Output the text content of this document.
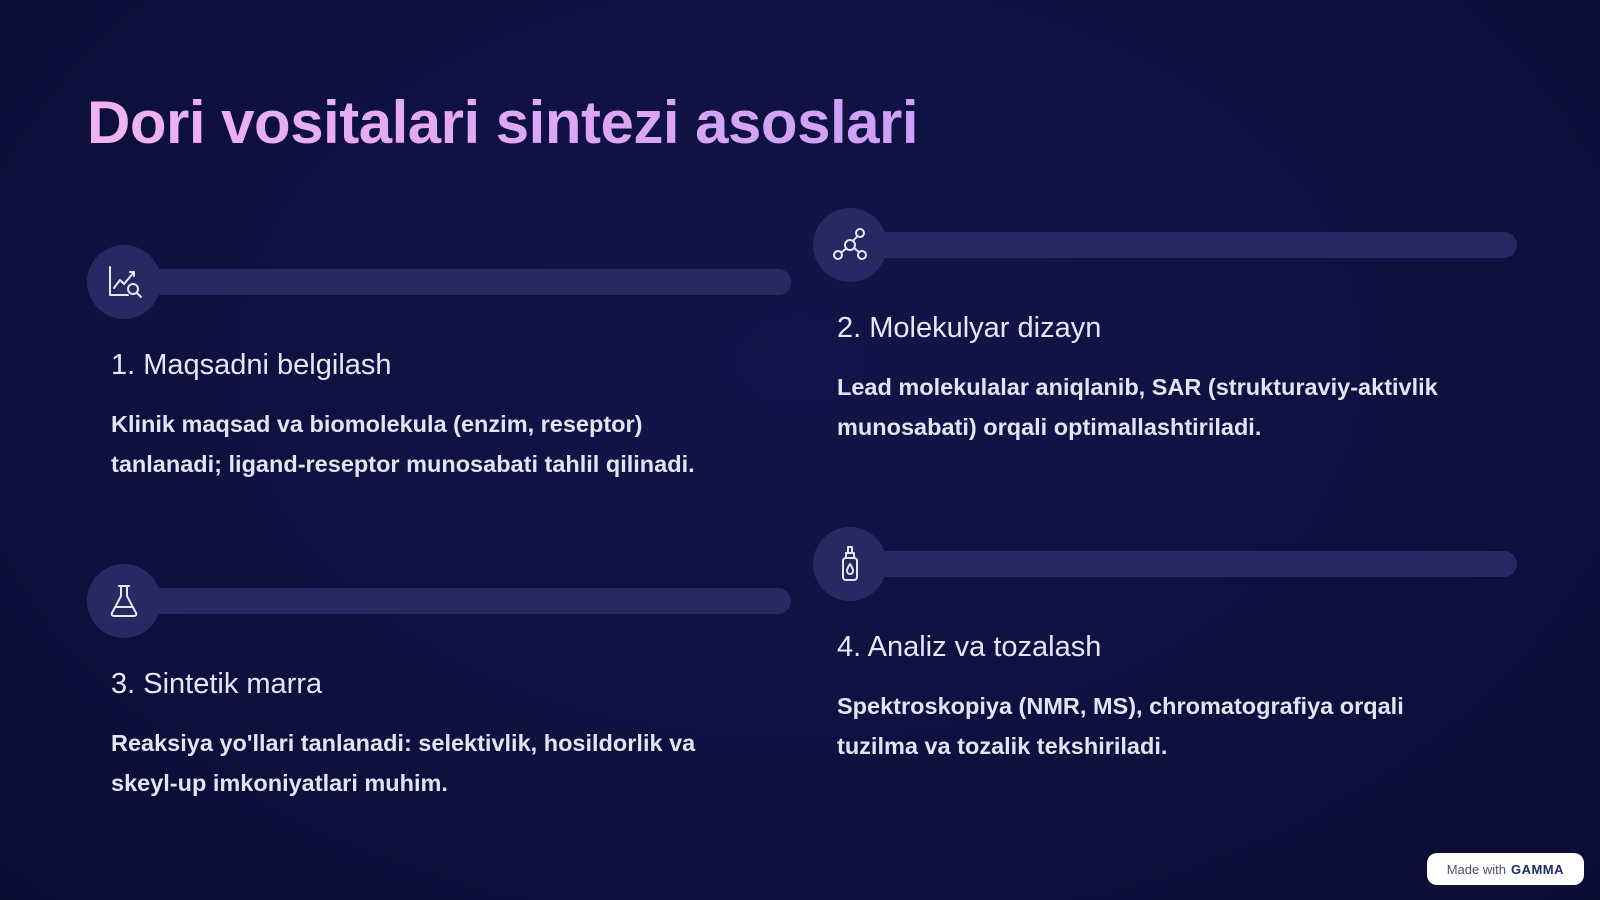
Dori vositalari sintezi asoslari
1. Maqsadni belgilash
Klinik maqsad va biomolekula (enzim, reseptor) tanlanadi; ligand-reseptor munosabati tahlil qilinadi.
2. Molekulyar dizayn
Lead molekulalar aniqlanib, SAR (strukturaviy-aktivlik munosabati) orqali optimallashtiriladi.
3. Sintetik marra
Reaksiya yo'llari tanlanadi: selektivlik, hosildorlik va skeyl-up imkoniyatlari muhim.
4. Analiz va tozalash
Spektroskopiya (NMR, MS), chromatografiya orqali tuzilma va tozalik tekshiriladi.
Made with GAMMA
